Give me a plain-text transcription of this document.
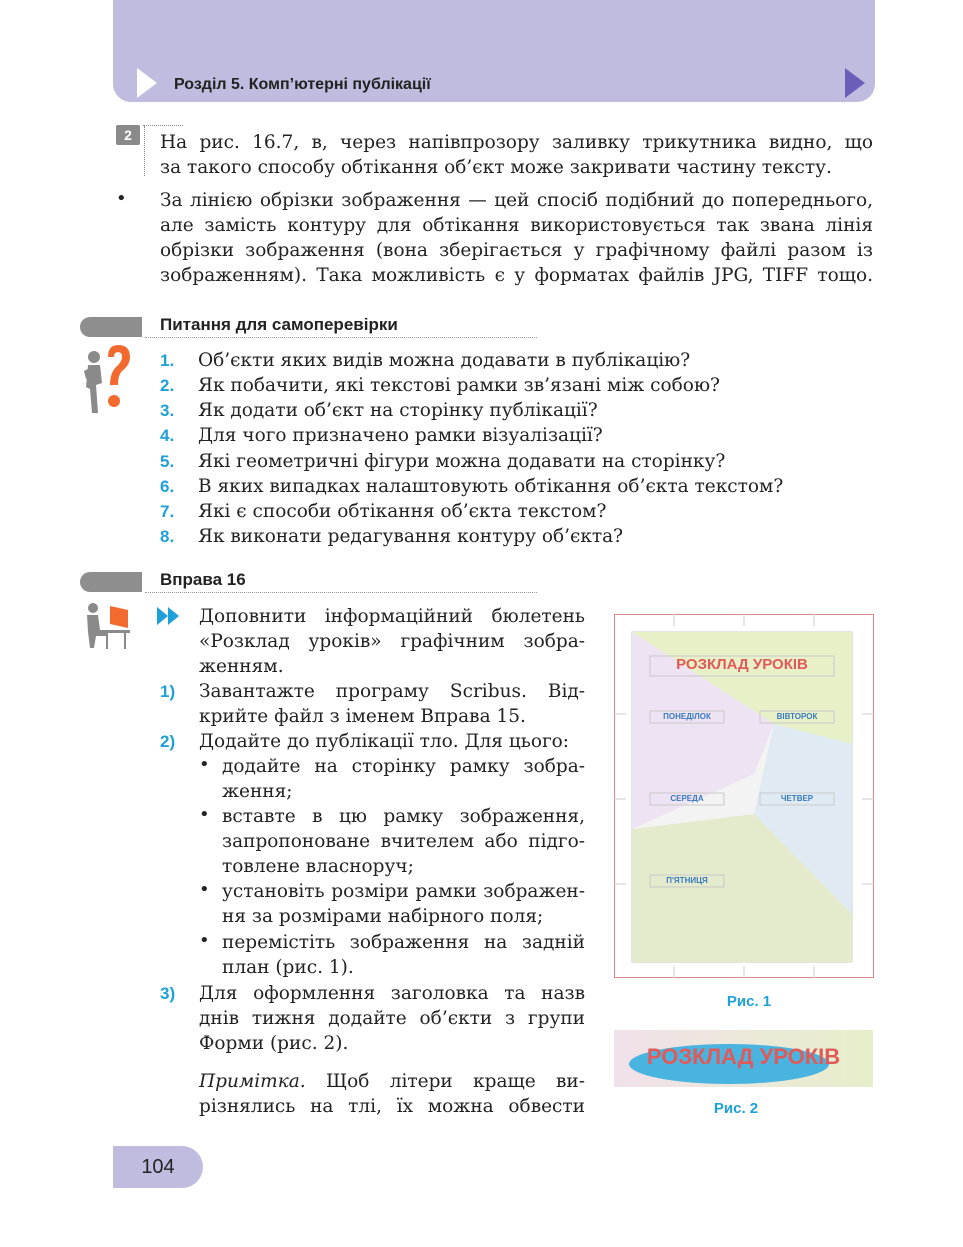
Розділ 5. Комп’ютерні публікації
2	На рис. 16.7, в, через напівпрозору заливку трикутника видно, що
за такого способу обтікання об’єкт може закривати частину тексту.
• За лінією обрізки зображення — цей спосіб подібний до попереднього,
але замість контуру для обтікання використовується так звана лінія
обрізки зображення (вона зберігається у графічному файлі разом із
зображенням). Така можливість є у форматах файлів JPG, TIFF тощо.
Питання для самоперевірки
1.	Об’єкти яких видів можна додавати в публікацію?
2.	Як побачити, які текстові рамки зв’язані між собою?
3.	Як додати об’єкт на сторінку публікації?
4.	Для чого призначено рамки візуалізації?
5.	Які геометричні фігури можна додавати на сторінку?
6.	В яких випадках налаштовують обтікання об’єкта текстом?
7.	Які є способи обтікання об’єкта текстом?
8.	Як виконати редагування контуру об’єкта?
Вправа 16
Доповнити інформаційний бюлетень
«Розклад уроків» графічним зобра-
женням.
1) Завантажте програму Scribus. Від-
крийте файл з іменем Вправа 15.
2) Додайте до публікації тло. Для цього:
• додайте на сторінку рамку зобра-
ження;
• вставте в цю рамку зображення,
запропоноване вчителем або підго-
товлене власноруч;
• установіть розміри рамки зображен-
ня за розмірами набірного поля;
• перемістіть зображення на задній
план (рис. 1).
3) Для оформлення заголовка та назв
днів тижня додайте об’єкти з групи
Форми (рис. 2).
Примітка. Щоб літери краще ви-
різнялись на тлі, їх можна обвести
РОЗКЛАД УРОКІВ
ПОНЕДІЛОК	ВІВТОРОК
СЕРЕДА	ЧЕТВЕР
П'ЯТНИЦЯ
Рис. 1
РОЗКЛАД УРОКІВ
Рис. 2
104
